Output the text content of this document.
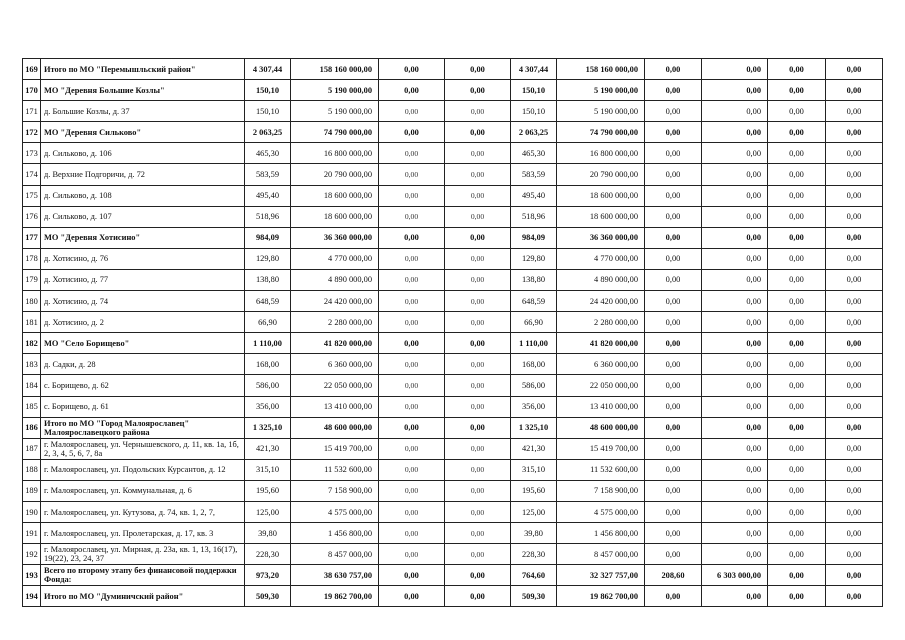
169	Итого по МО "Перемышльский район"	4 307,44	158 160 000,00	0,00	0,00	4 307,44	158 160 000,00	0,00	0,00	0,00	0,00
170	МО "Деревня Большие Козлы"	150,10	5 190 000,00	0,00	0,00	150,10	5 190 000,00	0,00	0,00	0,00	0,00
171	д. Большие Козлы, д. 37	150,10	5 190 000,00	0,00	0,00	150,10	5 190 000,00	0,00	0,00	0,00	0,00
172	МО "Деревня Сильково"	2 063,25	74 790 000,00	0,00	0,00	2 063,25	74 790 000,00	0,00	0,00	0,00	0,00
173	д. Сильково, д. 106	465,30	16 800 000,00	0,00	0,00	465,30	16 800 000,00	0,00	0,00	0,00	0,00
174	д. Верхние Подгоричи, д. 72	583,59	20 790 000,00	0,00	0,00	583,59	20 790 000,00	0,00	0,00	0,00	0,00
175	д. Сильково, д. 108	495,40	18 600 000,00	0,00	0,00	495,40	18 600 000,00	0,00	0,00	0,00	0,00
176	д. Сильково, д. 107	518,96	18 600 000,00	0,00	0,00	518,96	18 600 000,00	0,00	0,00	0,00	0,00
177	МО "Деревня Хотисино"	984,09	36 360 000,00	0,00	0,00	984,09	36 360 000,00	0,00	0,00	0,00	0,00
178	д. Хотисино, д. 76	129,80	4 770 000,00	0,00	0,00	129,80	4 770 000,00	0,00	0,00	0,00	0,00
179	д. Хотисино, д. 77	138,80	4 890 000,00	0,00	0,00	138,80	4 890 000,00	0,00	0,00	0,00	0,00
180	д. Хотисино, д. 74	648,59	24 420 000,00	0,00	0,00	648,59	24 420 000,00	0,00	0,00	0,00	0,00
181	д. Хотисино, д. 2	66,90	2 280 000,00	0,00	0,00	66,90	2 280 000,00	0,00	0,00	0,00	0,00
182	МО "Село Борищево"	1 110,00	41 820 000,00	0,00	0,00	1 110,00	41 820 000,00	0,00	0,00	0,00	0,00
183	д. Садки, д. 28	168,00	6 360 000,00	0,00	0,00	168,00	6 360 000,00	0,00	0,00	0,00	0,00
184	с. Борищево, д. 62	586,00	22 050 000,00	0,00	0,00	586,00	22 050 000,00	0,00	0,00	0,00	0,00
185	с. Борищево, д. 61	356,00	13 410 000,00	0,00	0,00	356,00	13 410 000,00	0,00	0,00	0,00	0,00
186	Итого по МО "Город Малоярославец" Малоярославецкого района	1 325,10	48 600 000,00	0,00	0,00	1 325,10	48 600 000,00	0,00	0,00	0,00	0,00
187	г. Малоярославец, ул. Чернышевского, д. 11, кв. 1а, 1б, 2, 3, 4, 5, 6, 7, 8а	421,30	15 419 700,00	0,00	0,00	421,30	15 419 700,00	0,00	0,00	0,00	0,00
188	г. Малоярославец, ул. Подольских Курсантов, д. 12	315,10	11 532 600,00	0,00	0,00	315,10	11 532 600,00	0,00	0,00	0,00	0,00
189	г. Малоярославец, ул. Коммунальная, д. 6	195,60	7 158 900,00	0,00	0,00	195,60	7 158 900,00	0,00	0,00	0,00	0,00
190	г. Малоярославец, ул. Кутузова, д. 74, кв. 1, 2, 7,	125,00	4 575 000,00	0,00	0,00	125,00	4 575 000,00	0,00	0,00	0,00	0,00
191	г. Малоярославец, ул. Пролетарская, д. 17, кв. 3	39,80	1 456 800,00	0,00	0,00	39,80	1 456 800,00	0,00	0,00	0,00	0,00
192	г. Малоярославец, ул. Мирная, д. 23а, кв. 1, 13, 16(17), 19(22), 23, 24, 37	228,30	8 457 000,00	0,00	0,00	228,30	8 457 000,00	0,00	0,00	0,00	0,00
193	Всего по второму этапу без финансовой поддержки Фонда:	973,20	38 630 757,00	0,00	0,00	764,60	32 327 757,00	208,60	6 303 000,00	0,00	0,00
194	Итого по МО "Думиничский район"	509,30	19 862 700,00	0,00	0,00	509,30	19 862 700,00	0,00	0,00	0,00	0,00
